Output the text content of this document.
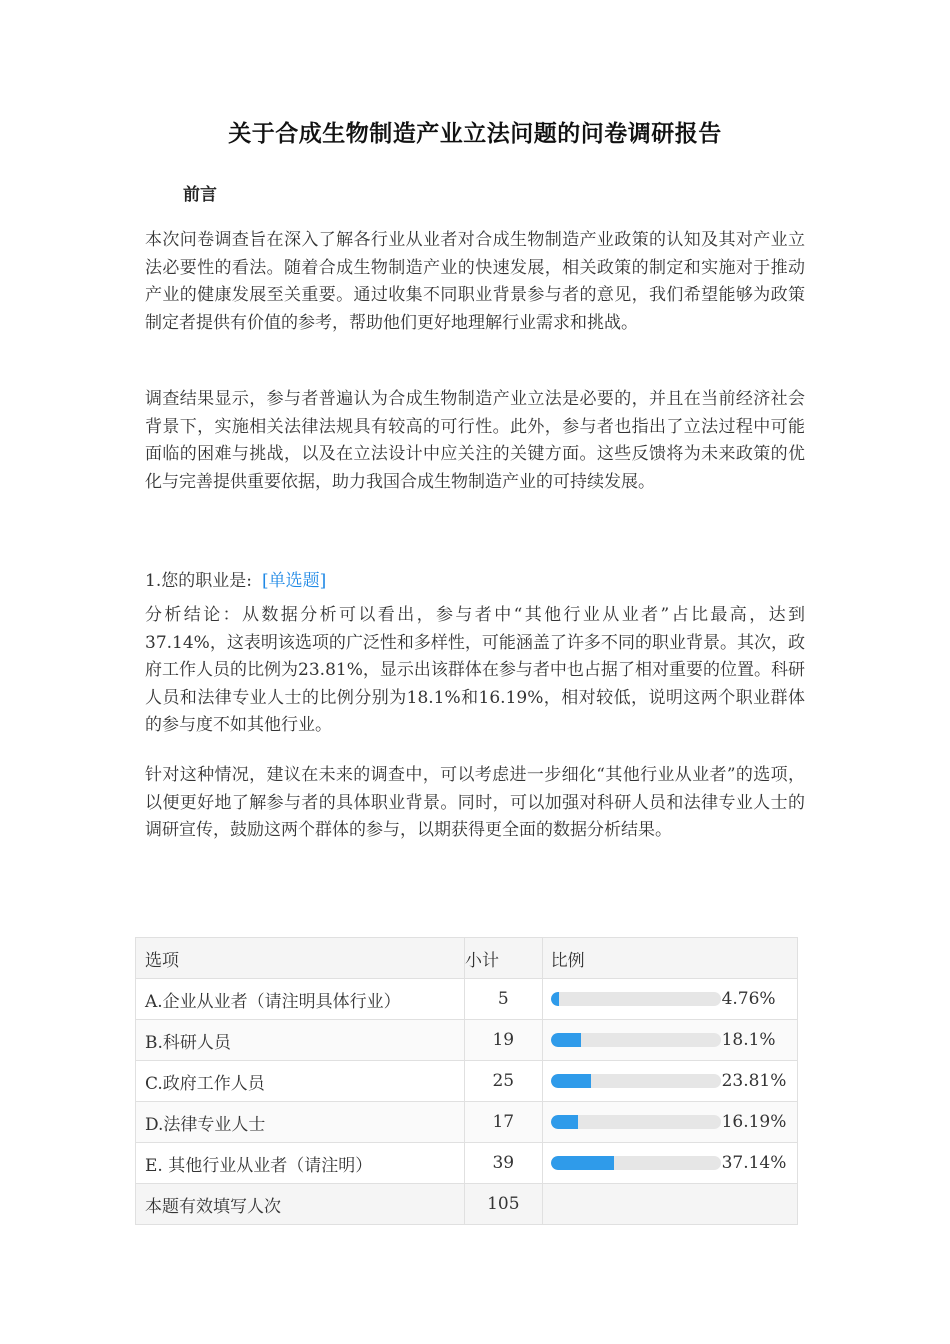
关于合成生物制造产业立法问题的问卷调研报告
前言

本次问卷调查旨在深入了解各行业从业者对合成生物制造产业政策的认知及其对产业立法必要性的看法。随着合成生物制造产业的快速发展，相关政策的制定和实施对于推动产业的健康发展至关重要。通过收集不同职业背景参与者的意见，我们希望能够为政策制定者提供有价值的参考，帮助他们更好地理解行业需求和挑战。

调查结果显示，参与者普遍认为合成生物制造产业立法是必要的，并且在当前经济社会背景下，实施相关法律法规具有较高的可行性。此外，参与者也指出了立法过程中可能面临的困难与挑战，以及在立法设计中应关注的关键方面。这些反馈将为未来政策的优化与完善提供重要依据，助力我国合成生物制造产业的可持续发展。

1.您的职业是: [单选题]

分析结论：从数据分析可以看出，参与者中“其他行业从业者”占比最高，达到37.14%，这表明该选项的广泛性和多样性，可能涵盖了许多不同的职业背景。其次，政府工作人员的比例为23.81%，显示出该群体在参与者中也占据了相对重要的位置。科研人员和法律专业人士的比例分别为18.1%和16.19%，相对较低，说明这两个职业群体的参与度不如其他行业。

针对这种情况，建议在未来的调查中，可以考虑进一步细化“其他行业从业者”的选项，以便更好地了解参与者的具体职业背景。同时，可以加强对科研人员和法律专业人士的调研宣传，鼓励这两个群体的参与，以期获得更全面的数据分析结果。

选项	小计	比例
A.企业从业者（请注明具体行业）	5	4.76%

B.科研人员	19	18.1%

C.政府工作人员	25	23.81%

D.法律专业人士	17	16.19%

E. 其他行业从业者（请注明）	39	37.14%

本题有效填写人次	105	
